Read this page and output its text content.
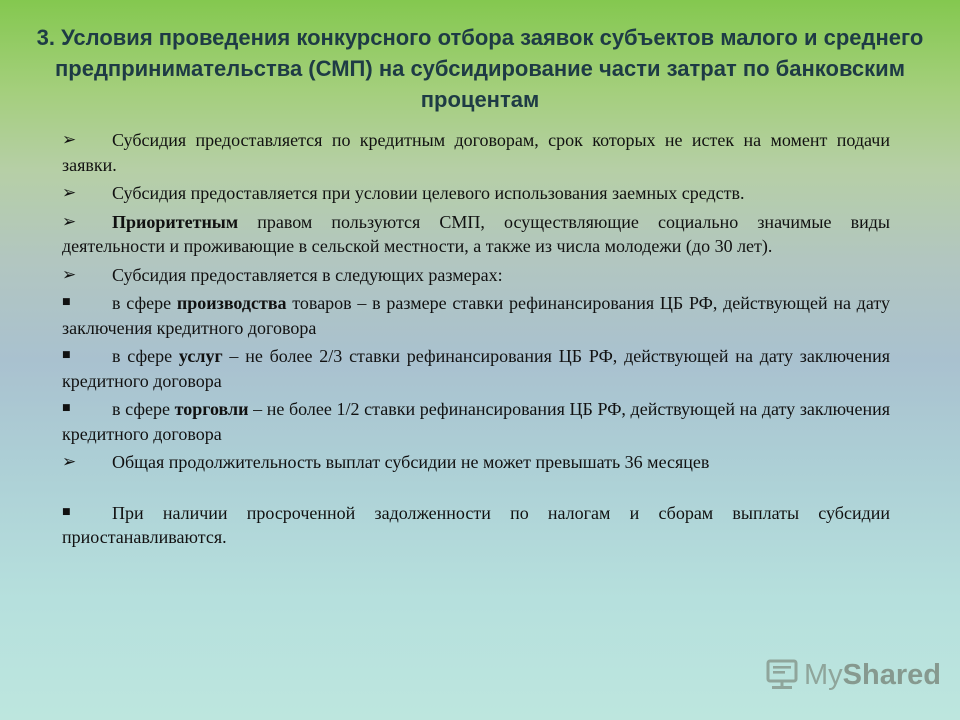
3. Условия проведения конкурсного отбора заявок субъектов малого и среднего предпринимательства (СМП) на субсидирование части затрат по банковским процентам

➢	Субсидия предоставляется по кредитным договорам, срок которых не истек на момент подачи заявки.

➢	Субсидия предоставляется при условии целевого использования заемных средств.

➢	Приоритетным правом пользуются СМП, осуществляющие социально значимые виды деятельности и проживающие в сельской местности, а также из числа молодежи (до 30 лет).

➢	Субсидия предоставляется в следующих размерах:

■	в сфере производства товаров – в размере ставки рефинансирования ЦБ РФ, действующей на дату заключения кредитного договора

■	в сфере услуг – не более 2/3 ставки рефинансирования ЦБ РФ, действующей на дату заключения кредитного договора

■	в сфере торговли – не более 1/2 ставки рефинансирования ЦБ РФ, действующей на дату заключения кредитного договора

➢	Общая продолжительность выплат субсидии не может превышать 36 месяцев

■	При наличии просроченной задолженности по налогам и сборам выплаты субсидии приостанавливаются.

MyShared
